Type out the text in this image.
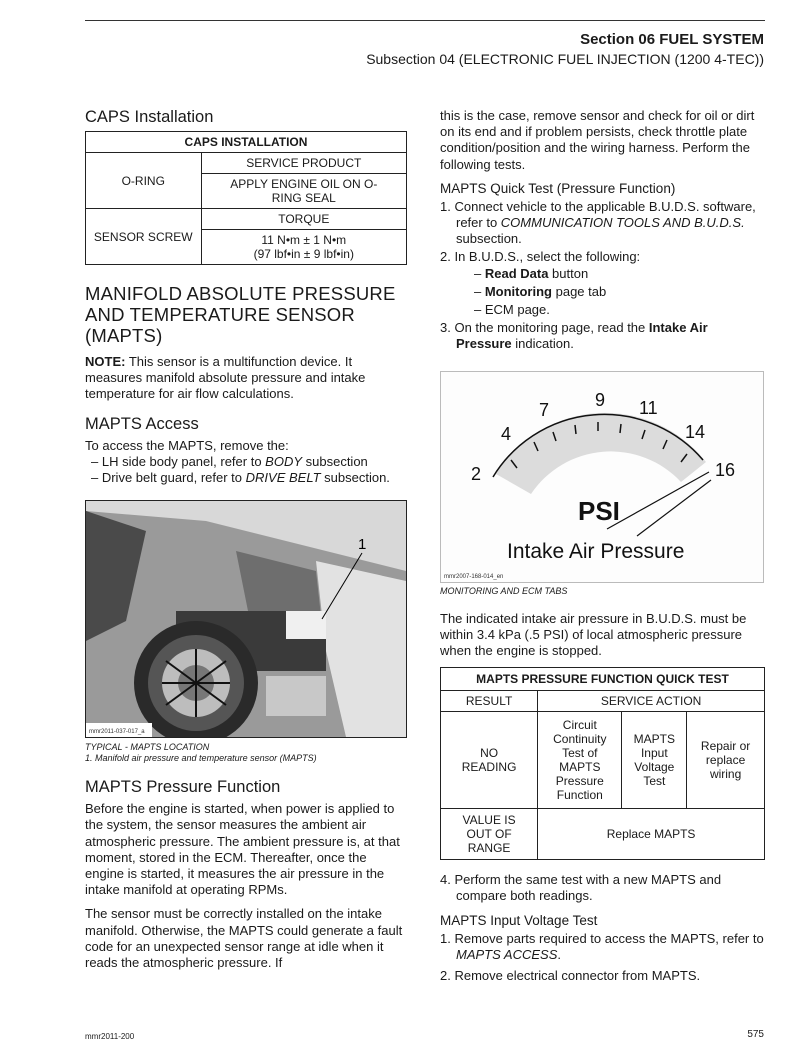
Section 06 FUEL SYSTEM
Subsection 04 (ELECTRONIC FUEL INJECTION (1200 4-TEC))
CAPS Installation
CAPS INSTALLATION	
O-RING	SERVICE PRODUCT
	APPLY ENGINE OIL ON O-RING SEAL
SENSOR SCREW	TORQUE

	11 N•m ± 1 N•m
(97 lbf•in ± 9 lbf•in)
MANIFOLD ABSOLUTE PRESSURE AND TEMPERATURE SENSOR (MAPTS)

NOTE: This sensor is a multifunction device. It measures manifold absolute pressure and intake temperature for air flow calculations.

MAPTS Access

To access the MAPTS, remove the:

– LH side body panel, refer to BODY subsection
– Drive belt guard, refer to DRIVE BELT subsection.
1
mmr2011-037-017_a
TYPICAL - MAPTS LOCATION
1. Manifold air pressure and temperature sensor (MAPTS)
MAPTS Pressure Function

Before the engine is started, when power is applied to the system, the sensor measures the ambient air atmospheric pressure. The ambient pressure is, at that moment, stored in the ECM. Thereafter, once the engine is started, it measures the air pressure in the intake manifold at operating RPMs.

The sensor must be correctly installed on the intake manifold. Otherwise, the MAPTS could generate a fault code for an unexpected sensor range at idle when it reads the atmospheric pressure. If

this is the case, remove sensor and check for oil or dirt on its end and if problem persists, check throttle plate condition/position and the wiring harness. Perform the following tests.

MAPTS Quick Test (Pressure Function)
1. Connect vehicle to the applicable B.U.D.S. software, refer to COMMUNICATION TOOLS AND B.U.D.S. subsection.
2. In B.U.D.S., select the following:
– Read Data button
– Monitoring page tab
– ECM page.
3. On the monitoring page, read the Intake Air Pressure indication.
2
4
7	9 11
14
16
PSI
Intake Air Pressure
mmr2007-168-014_en
MONITORING AND ECM TABS

The indicated intake air pressure in B.U.D.S. must be within 3.4 kPa (.5 PSI) of local atmospheric pressure when the engine is stopped.

MAPTS PRESSURE FUNCTION QUICK TEST			
RESULT	SERVICE ACTION		
NO READING	Circuit Continuity Test of MAPTS Pressure Function	MAPTS Input Voltage Test	Repair or replace wiring
VALUE IS OUT OF RANGE	Replace MAPTS		
4. Perform the same test with a new MAPTS and compare both readings.
MAPTS Input Voltage Test
1. Remove parts required to access the MAPTS, refer to MAPTS ACCESS.
2. Remove electrical connector from MAPTS.
mmr2011-200	575
